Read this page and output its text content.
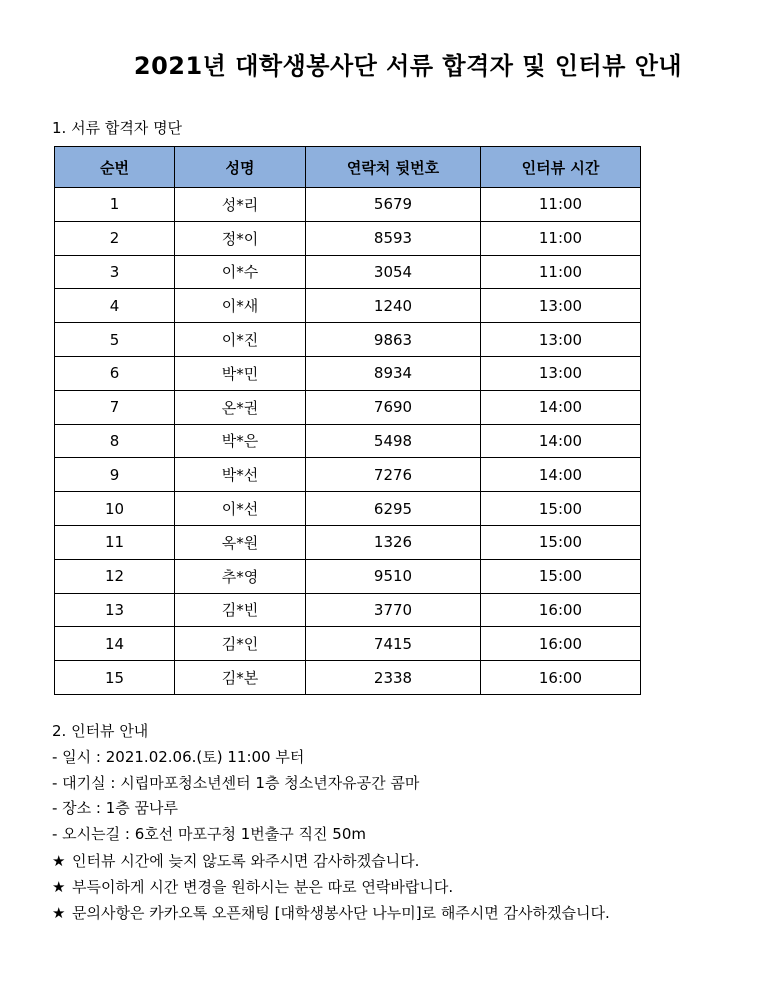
2021년 대학생봉사단 서류 합격자 및 인터뷰 안내
1. 서류 합격자 명단
순번	성명	연락처 뒷번호	인터뷰 시간
1	성*리	5679	11:00
2	정*이	8593	11:00
3	이*수	3054	11:00
4	이*새	1240	13:00
5	이*진	9863	13:00
6	박*민	8934	13:00
7	온*권	7690	14:00
8	박*은	5498	14:00
9	박*선	7276	14:00
10	이*선	6295	15:00
11	옥*원	1326	15:00
12	추*영	9510	15:00
13	김*빈	3770	16:00
14	김*인	7415	16:00
15	김*본	2338	16:00
2. 인터뷰 안내
- 일시 : 2021.02.06.(토) 11:00 부터
- 대기실 : 시립마포청소년센터 1층 청소년자유공간 콤마
- 장소 : 1층 꿈나루
- 오시는길 : 6호선 마포구청 1번출구 직진 50m
★ 인터뷰 시간에 늦지 않도록 와주시면 감사하겠습니다.
★ 부득이하게 시간 변경을 원하시는 분은 따로 연락바랍니다.
★ 문의사항은 카카오톡 오픈채팅 [대학생봉사단 나누미]로 해주시면 감사하겠습니다.
